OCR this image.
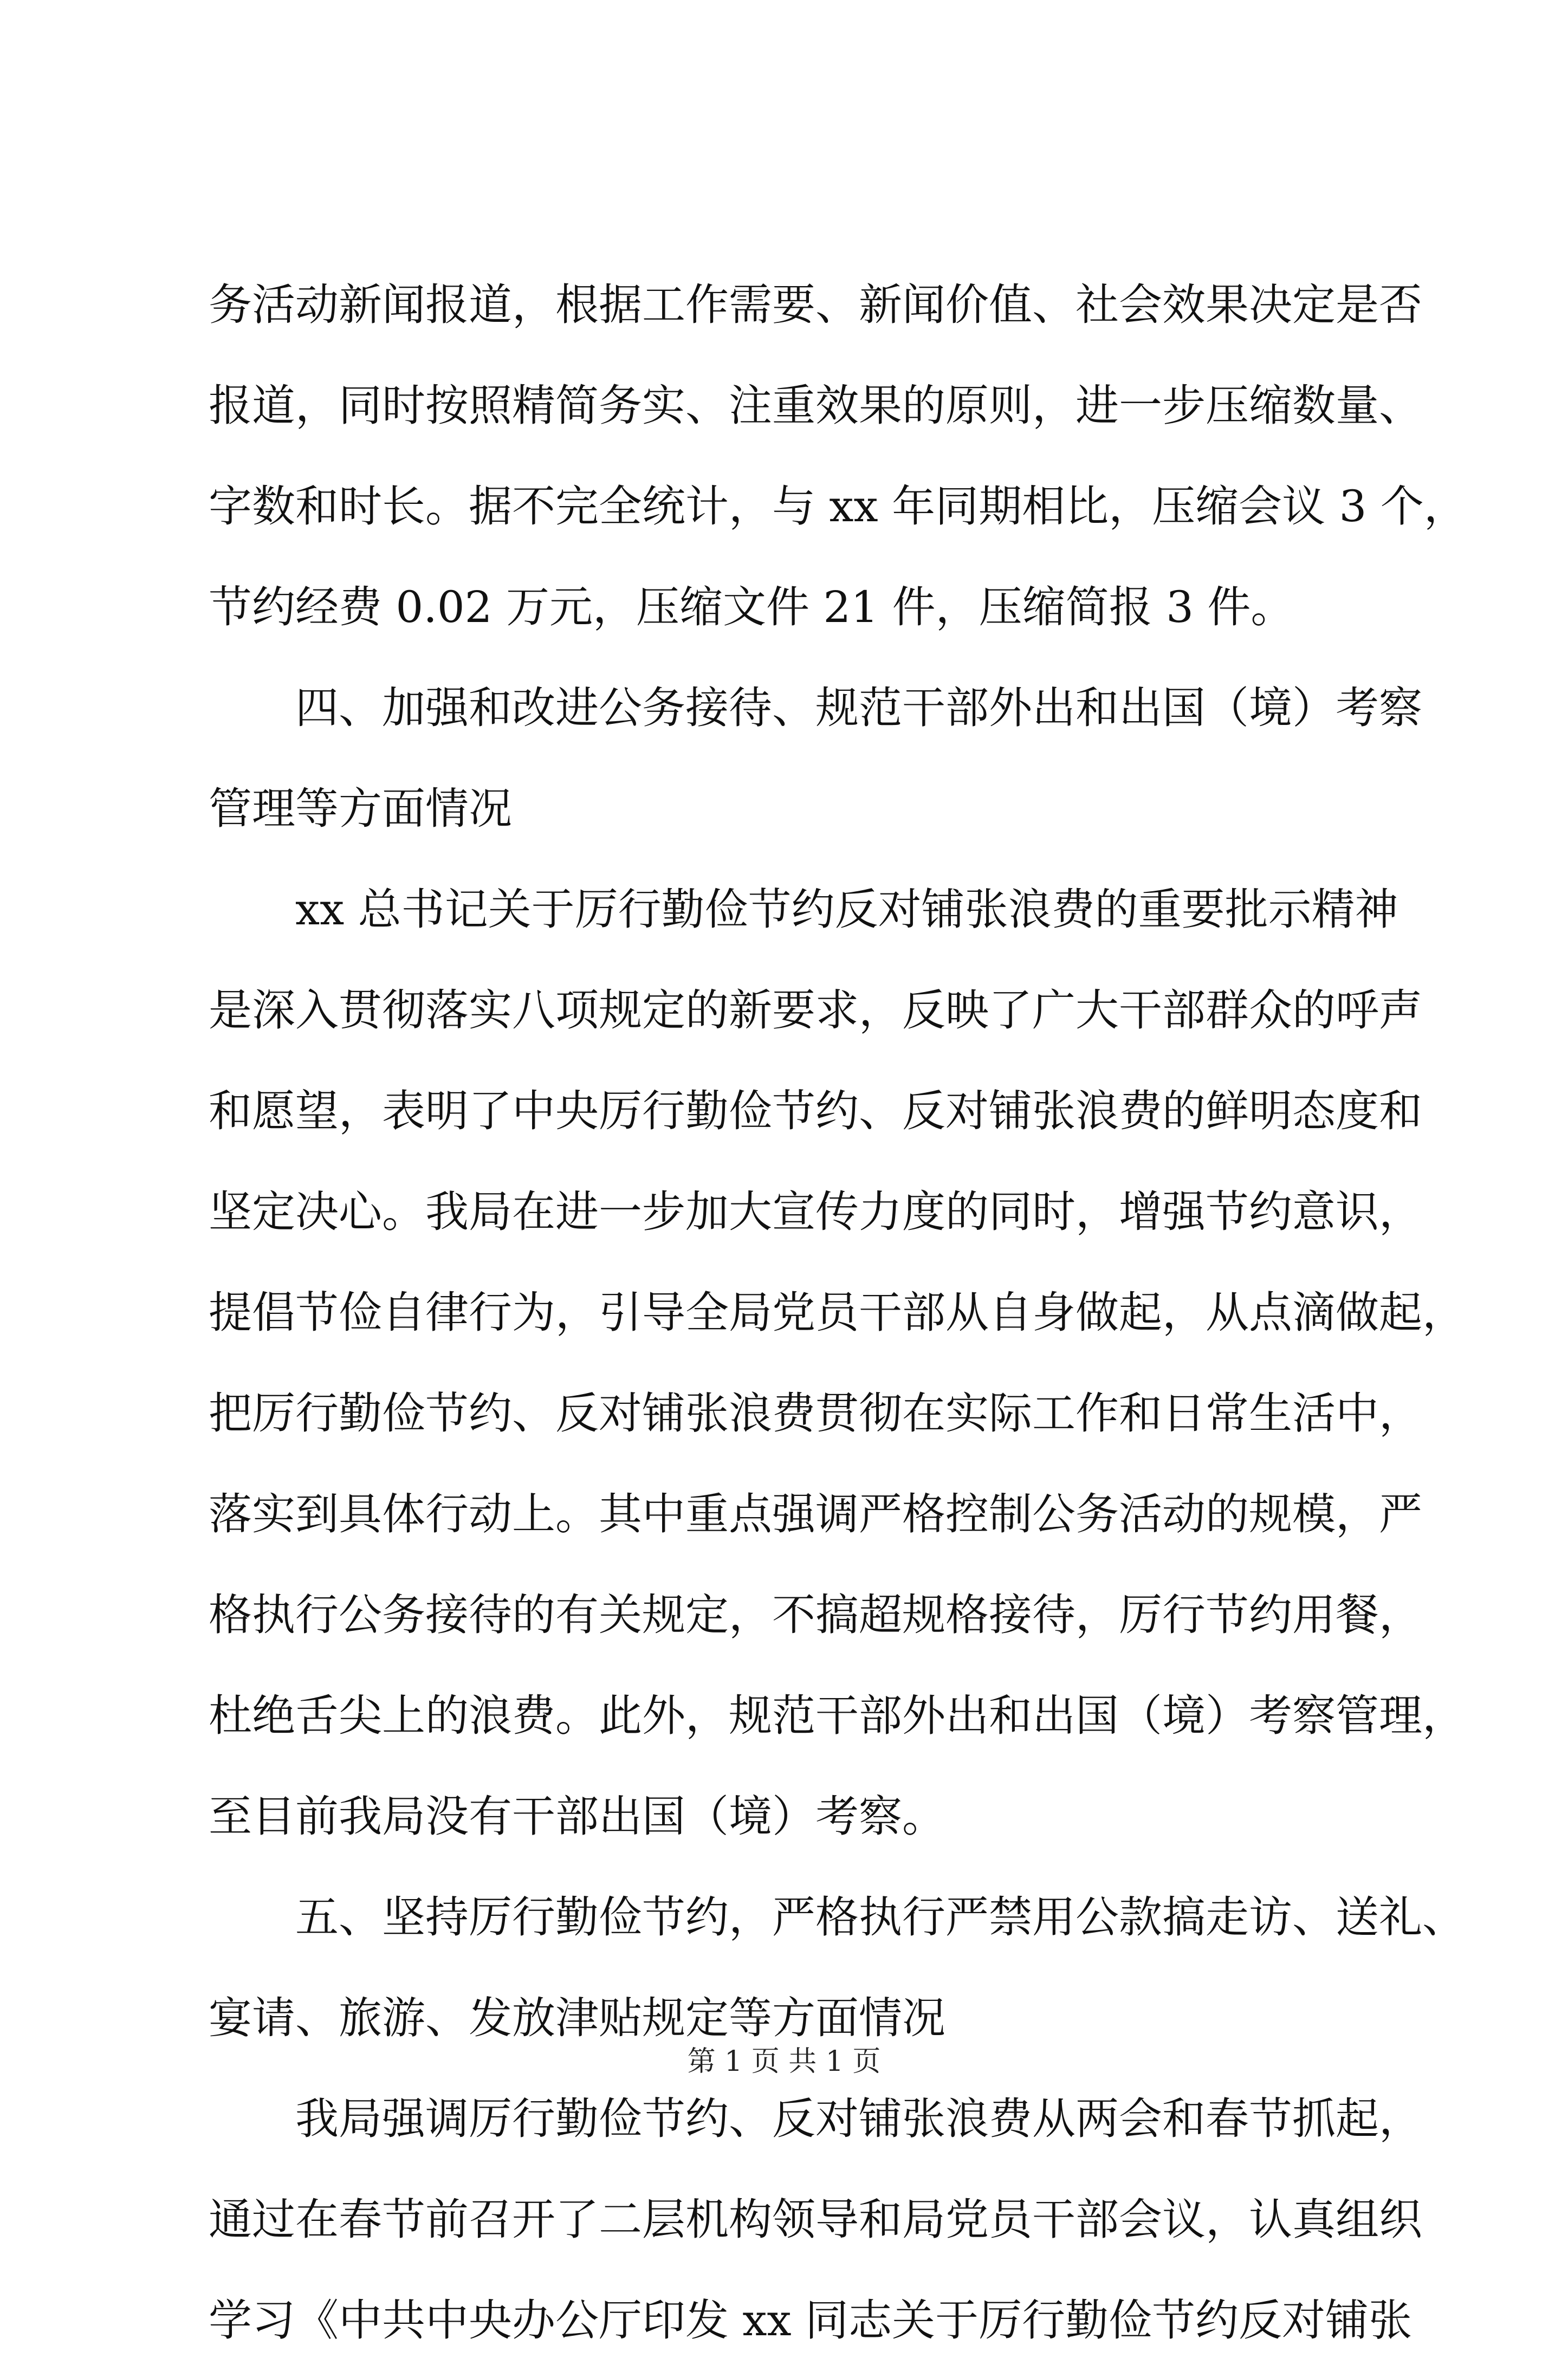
务活动新闻报道，根据工作需要、新闻价值、社会效果决定是否
报道，同时按照精简务实、注重效果的原则，进一步压缩数量、
字数和时长。据不完全统计，与 xx 年同期相比，压缩会议 3 个，
节约经费 0.02 万元，压缩文件 21 件，压缩简报 3 件。
四、加强和改进公务接待、规范干部外出和出国（境）考察
管理等方面情况
xx 总书记关于厉行勤俭节约反对铺张浪费的重要批示精神
是深入贯彻落实八项规定的新要求，反映了广大干部群众的呼声
和愿望，表明了中央厉行勤俭节约、反对铺张浪费的鲜明态度和
坚定决心。我局在进一步加大宣传力度的同时，增强节约意识，
提倡节俭自律行为，引导全局党员干部从自身做起，从点滴做起，
把厉行勤俭节约、反对铺张浪费贯彻在实际工作和日常生活中，
落实到具体行动上。其中重点强调严格控制公务活动的规模，严
格执行公务接待的有关规定，不搞超规格接待，厉行节约用餐，
杜绝舌尖上的浪费。此外，规范干部外出和出国（境）考察管理，
至目前我局没有干部出国（境）考察。
五、坚持厉行勤俭节约，严格执行严禁用公款搞走访、送礼、
宴请、旅游、发放津贴规定等方面情况
我局强调厉行勤俭节约、反对铺张浪费从两会和春节抓起，
通过在春节前召开了二层机构领导和局党员干部会议，认真组织
学习《中共中央办公厅印发 xx 同志关于厉行勤俭节约反对铺张
第 1 页 共 1 页
